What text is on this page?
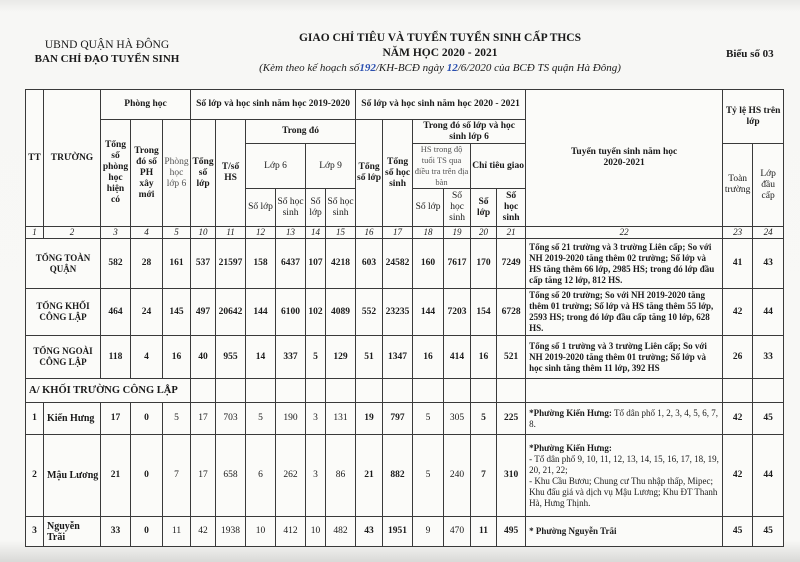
UBND QUẬN HÀ ĐÔNG
BAN CHỈ ĐẠO TUYỂN SINH
GIAO CHỈ TIÊU VÀ TUYỂN TUYỂN SINH CẤP THCS
NĂM HỌC 2020 - 2021
(Kèm theo kế hoạch số192/KH-BCĐ ngày 12/6/2020 của BCĐ TS quận Hà Đông)
Biểu số 03
TT	TRƯỜNG	Phòng học			Số lớp và học sinh năm học 2019-2020						Số lớp và học sinh năm học 2020 - 2021						Tuyển tuyển sinh năm học 2020-2021	Tỷ lệ HS trên lớp	
		Tổng số phòng học hiện có	Trong đó số PH xây mới	Phòng học lớp 6	Tổng số lớp	T/số HS	Trong đó				Tổng số lớp	Tổng số học sinh	Trong đó số lớp và học sinh lớp 6						
							Lớp 6		Lớp 9				HS trong độ tuổi TS qua điều tra trên địa bàn		Chỉ tiêu giao			Toàn trường	Lớp đầu cấp
							Số lớp	Số học sinh	Số lớp	Số học sinh			Số lớp	Số học sinh	Số lớp	Số học sinh			
1	2	3	4	5	10	11	12	13	14	15	16	17	18	19	20	21	22	23	24
TỔNG TOÀN QUẬN		582	28	161	537	21597	158	6437	107	4218	603	24582	160	7617	170	7249	Tổng số 21 trường và 3 trường Liên cấp; So với NH 2019-2020 tăng thêm 02 trường; Số lớp và HS tăng thêm 66 lớp, 2985 HS; trong đó lớp đầu cấp tăng 12 lớp, 812 HS.	41	43
TỔNG KHỐI CÔNG LẬP		464	24	145	497	20642	144	6100	102	4089	552	23235	144	7203	154	6728	Tổng số 20 trường; So với NH 2019-2020 tăng thêm 01 trường; Số lớp và HS tăng thêm 55 lớp, 2593 HS; trong đó lớp đầu cấp tăng 10 lớp, 628 HS.	42	44
TỔNG NGOÀI CÔNG LẬP		118	4	16	40	955	14	337	5	129	51	1347	16	414	16	521	Tổng số 1 trường và 3 trường Liên cấp; So với NH 2019-2020 tăng thêm 01 trường; Số lớp và học sinh tăng thêm 11 lớp, 392 HS	26	33
A/ KHỐI TRƯỜNG CÔNG LẬP																			
1	Kiến Hưng	17	0	5	17	703	5	190	3	131	19	797	5	305	5	225	*Phường Kiến Hưng: Tổ dân phố 1, 2, 3, 4, 5, 6, 7, 8.	42	45
2	Mậu Lương	21	0	7	17	658	6	262	3	86	21	882	5	240	7	310	*Phường Kiến Hưng:
- Tổ dân phố 9, 10, 11, 12, 13, 14, 15, 16, 17, 18, 19, 20, 21, 22;
- Khu Cầu Bươu; Chung cư Thu nhập thấp, Mipec; Khu đấu giá và dịch vụ Mậu Lương; Khu ĐT Thanh Hà, Hưng Thịnh.	42	44
3	Nguyễn Trãi	33	0	11	42	1938	10	412	10	482	43	1951	9	470	11	495	* Phường Nguyễn Trãi	45	45
